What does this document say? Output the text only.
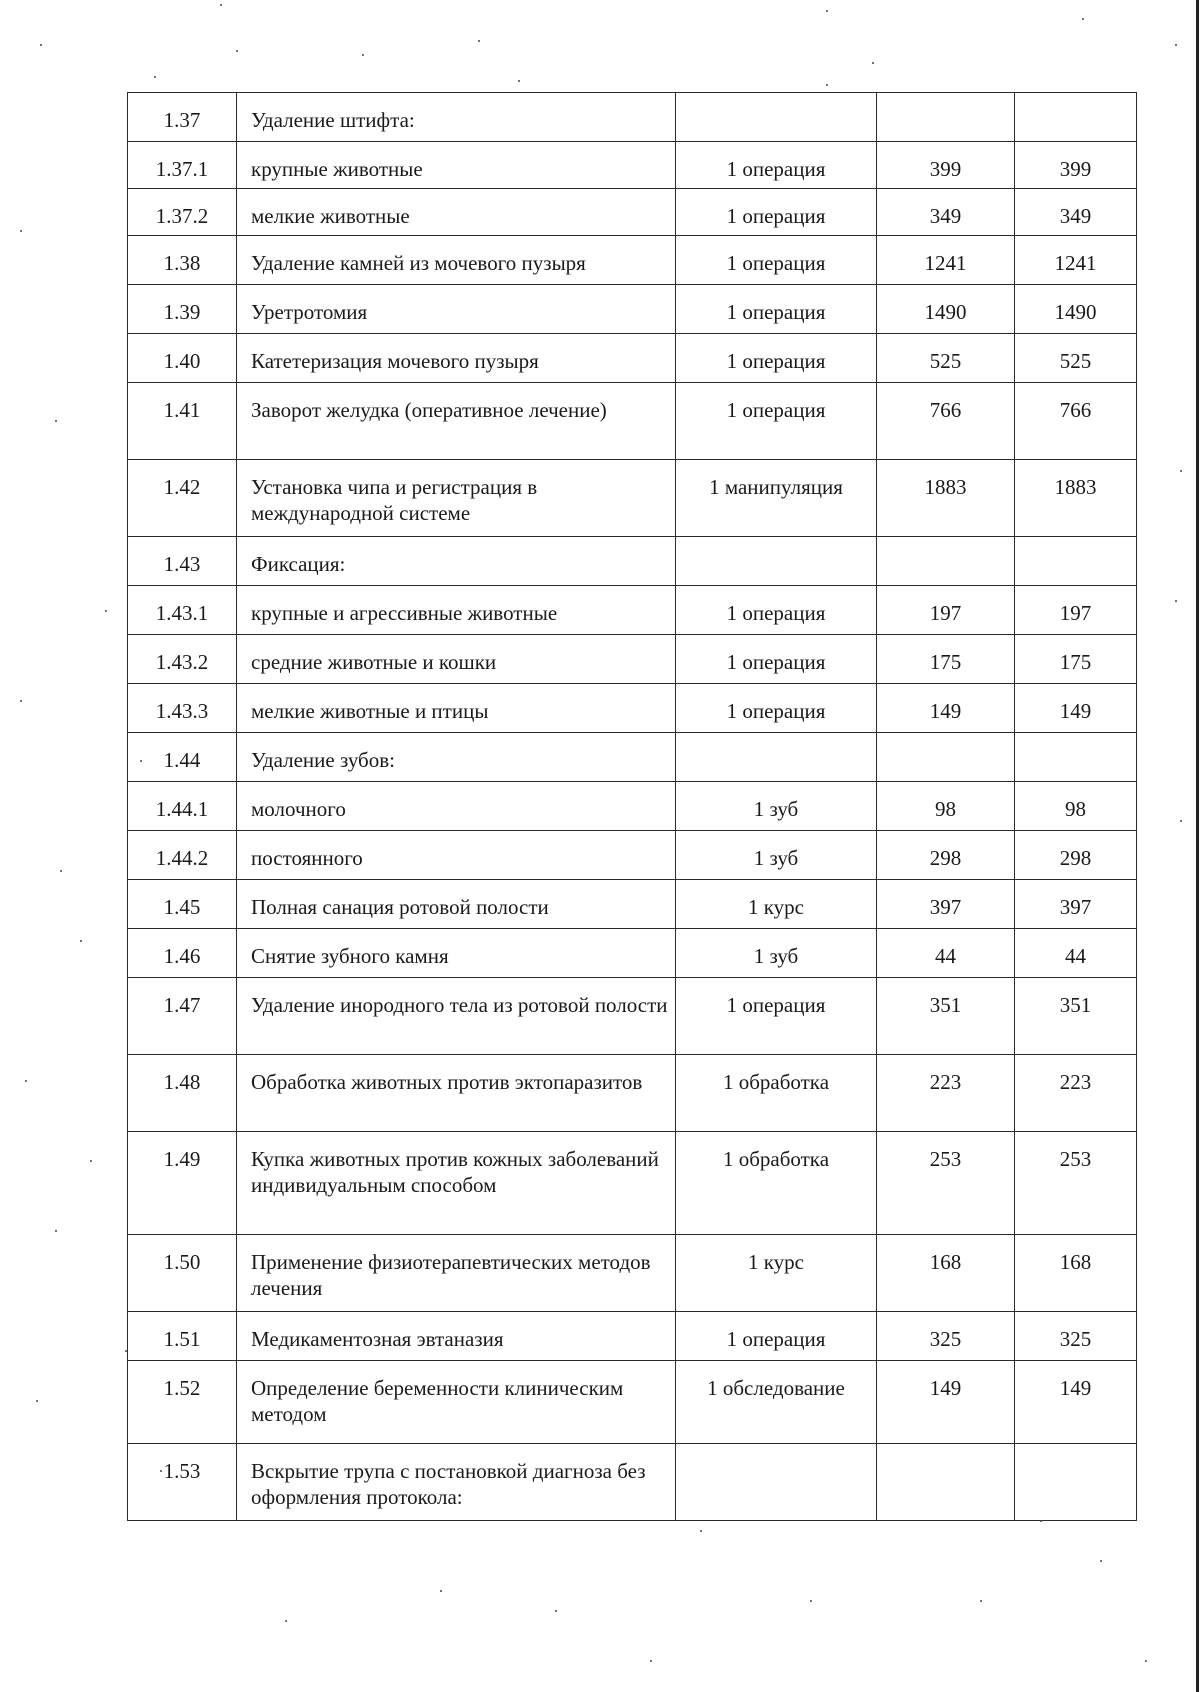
1.37	Удаление штифта:			
1.37.1	крупные животные	1 операция	399	399
1.37.2	мелкие животные	1 операция	349	349
1.38	Удаление камней из мочевого пузыря	1 операция	1241	1241
1.39	Уретротомия	1 операция	1490	1490
1.40	Катетеризация мочевого пузыря	1 операция	525	525
1.41	Заворот желудка (оперативное лечение)	1 операция	766	766
1.42	Установка чипа и регистрация в международной системе	1 манипуляция	1883	1883
1.43	Фиксация:			
1.43.1	крупные и агрессивные животные	1 операция	197	197
1.43.2	средние животные и кошки	1 операция	175	175
1.43.3	мелкие животные и птицы	1 операция	149	149
1.44	Удаление зубов:			
1.44.1	молочного	1 зуб	98	98
1.44.2	постоянного	1 зуб	298	298
1.45	Полная санация ротовой полости	1 курс	397	397
1.46	Снятие зубного камня	1 зуб	44	44
1.47	Удаление инородного тела из ротовой полости	1 операция	351	351
1.48	Обработка животных против эктопаразитов	1 обработка	223	223
1.49	Купка животных против кожных заболеваний индивидуальным способом	1 обработка	253	253
1.50	Применение физиотерапевтических методов лечения	1 курс	168	168
1.51	Медикаментозная эвтаназия	1 операция	325	325
1.52	Определение беременности клиническим методом	1 обследование	149	149
1.53	Вскрытие трупа с постановкой диагноза без оформления протокола:			
